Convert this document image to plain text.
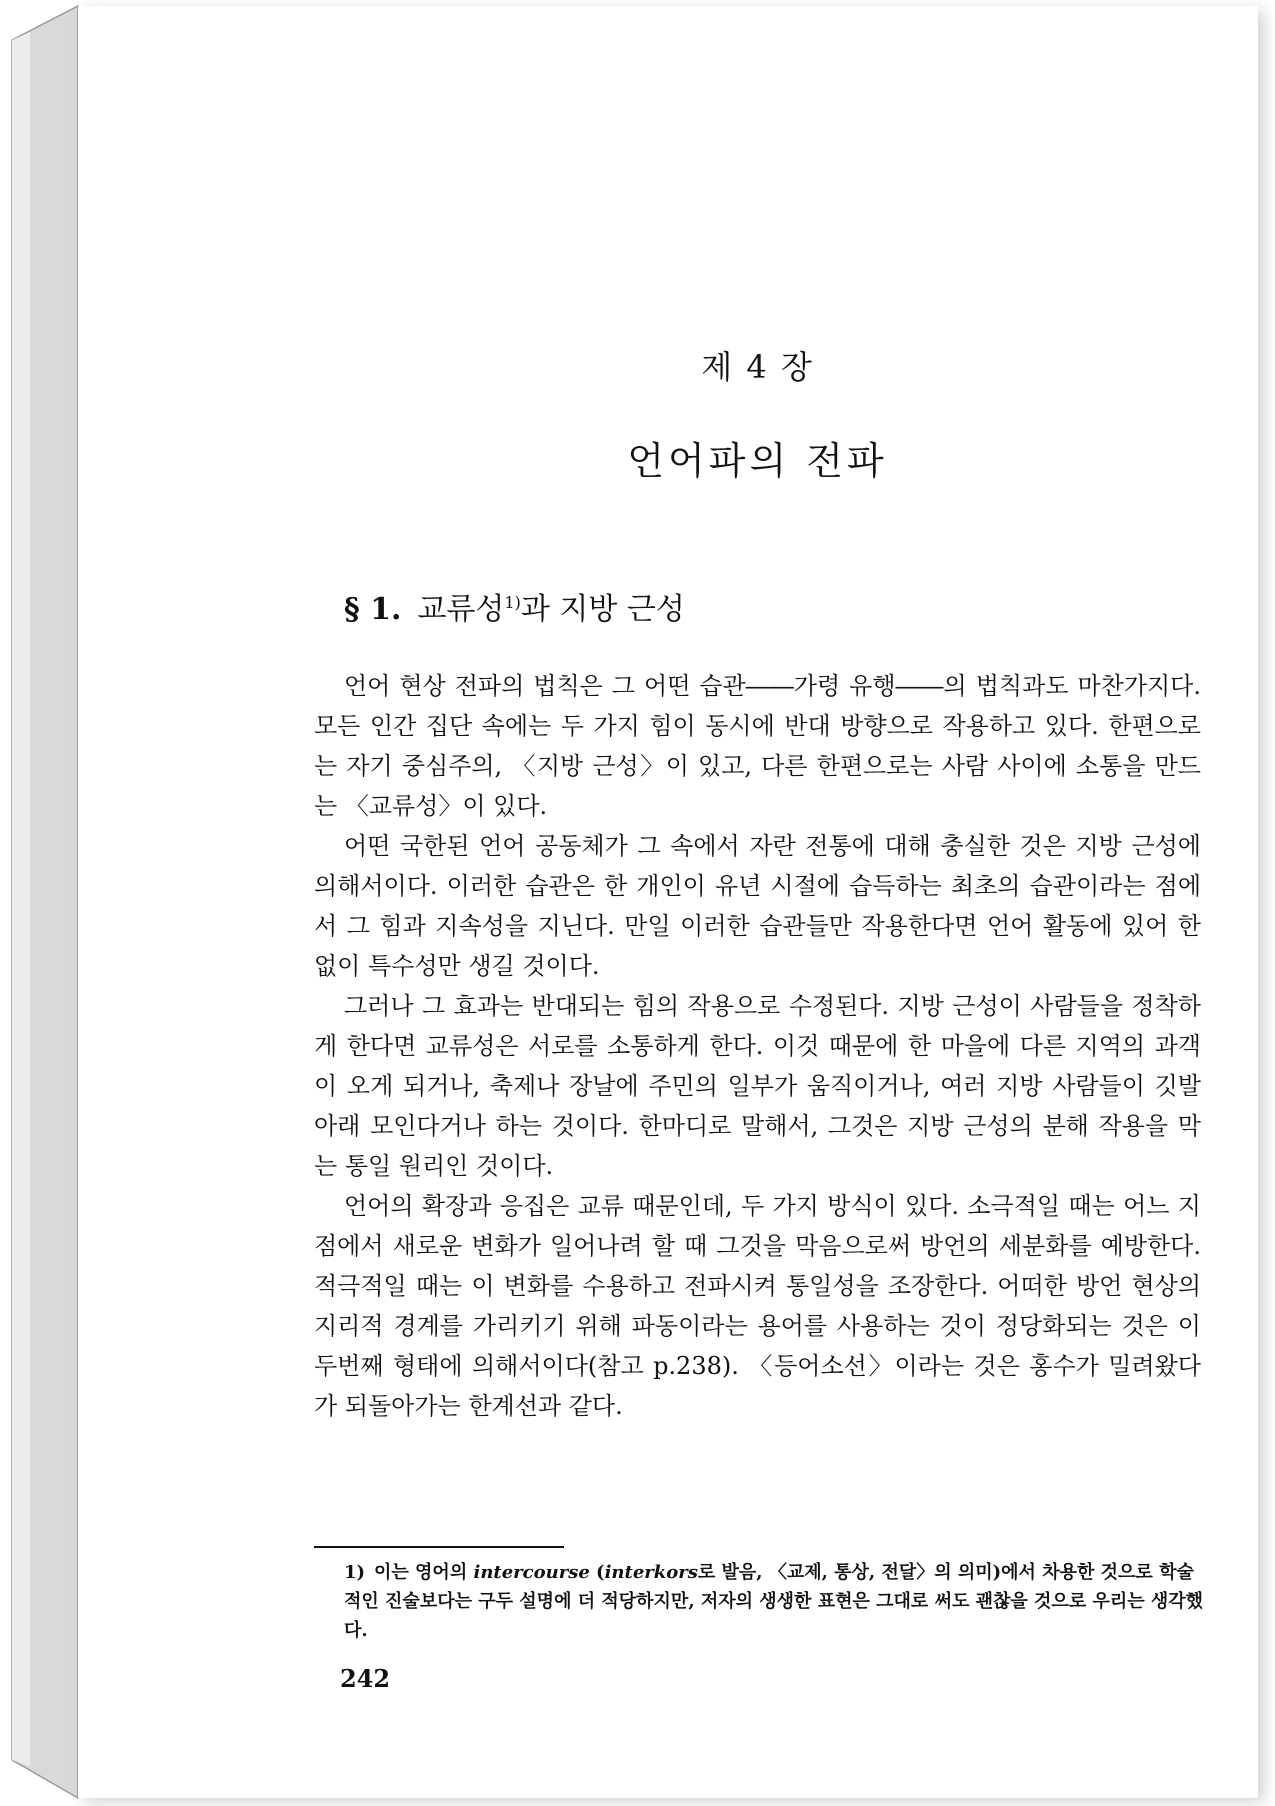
제 4 장
언어파의 전파
§ 1. 교류성$^{1)}$과 지방 근성

언어 현상 전파의 법칙은 그 어떤 습관――가령 유행――의 법칙과도 마찬가지다. 모든 인간 집단 속에는 두 가지 힘이 동시에 반대 방향으로 작용하고 있다. 한편으로는 자기 중심주의, 〈지방 근성〉이 있고, 다른 한편으로는 사람 사이에 소통을 만드는 〈교류성〉이 있다.

어떤 국한된 언어 공동체가 그 속에서 자란 전통에 대해 충실한 것은 지방 근성에 의해서이다. 이러한 습관은 한 개인이 유년 시절에 습득하는 최초의 습관이라는 점에서 그 힘과 지속성을 지닌다. 만일 이러한 습관들만 작용한다면 언어 활동에 있어 한없이 특수성만 생길 것이다.

그러나 그 효과는 반대되는 힘의 작용으로 수정된다. 지방 근성이 사람들을 정착하게 한다면 교류성은 서로를 소통하게 한다. 이것 때문에 한 마을에 다른 지역의 과객이 오게 되거나, 축제나 장날에 주민의 일부가 움직이거나, 여러 지방 사람들이 깃발 아래 모인다거나 하는 것이다. 한마디로 말해서, 그것은 지방 근성의 분해 작용을 막는 통일 원리인 것이다.

언어의 확장과 응집은 교류 때문인데, 두 가지 방식이 있다. 소극적일 때는 어느 지점에서 새로운 변화가 일어나려 할 때 그것을 막음으로써 방언의 세분화를 예방한다. 적극적일 때는 이 변화를 수용하고 전파시켜 통일성을 조장한다. 어떠한 방언 현상의 지리적 경계를 가리키기 위해 파동이라는 용어를 사용하는 것이 정당화되는 것은 이 두번째 형태에 의해서이다(참고 p.238). 〈등어소선〉이라는 것은 홍수가 밀려왔다가 되돌아가는 한계선과 같다.

1) 이는 영어의 intercourse (interkors로 발음, 〈교제, 통상, 전달〉의 의미)에서 차용한 것으로 학술적인 진술보다는 구두 설명에 더 적당하지만, 저자의 생생한 표현은 그대로 써도 괜찮을 것으로 우리는 생각했다.
242
